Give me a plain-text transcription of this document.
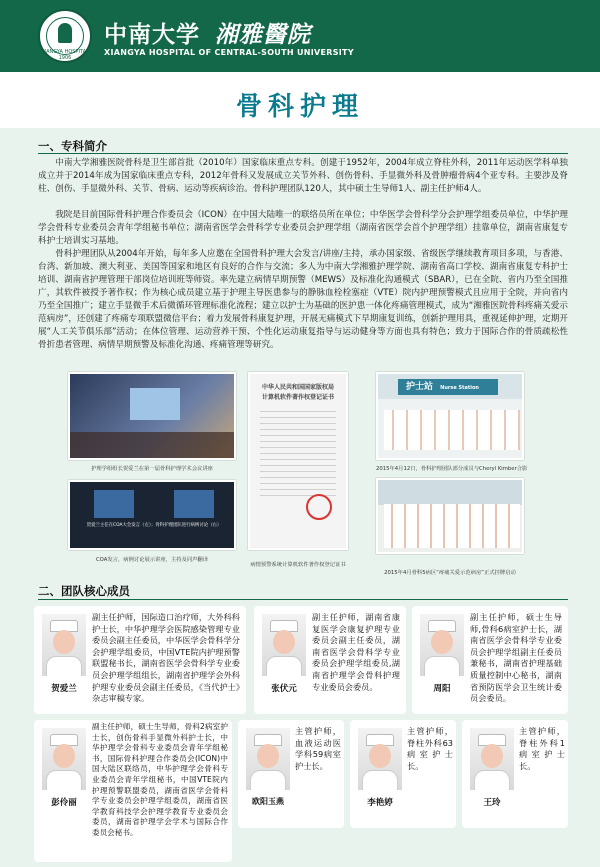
XIANGYA HOSPITAL 1906
中南大学 湘雅醫院
XIANGYA HOSPITAL OF CENTRAL-SOUTH UNIVERSITY
骨科护理
一、专科简介
中南大学湘雅医院骨科是卫生部首批（2010年）国家临床重点专科。创建于1952年，2004年成立脊柱外科，2011年运动医学科单独成立并于2014年成为国家临床重点专科，2012年骨科又发展成立关节外科、创伤骨科、手显微外科及骨肿瘤骨病4个亚专科。主要涉及脊柱、创伤、手显微外科、关节、骨病、运动等疾病诊治。骨科护理团队120人，其中硕士生导师1人、副主任护师4人。
我院是目前国际骨科护理合作委员会（ICON）在中国大陆唯一的联络员所在单位；中华医学会骨科学分会护理学组委员单位，中华护理学会骨科专业委员会青年学组秘书单位；湖南省医学会骨科学专业委员会护理学组（湖南省医学会首个护理学组）挂靠单位，湖南省康复专科护士培训实习基地。
骨科护理团队从2004年开始，每年多人应邀在全国骨科护理大会发言/讲座/主持，承办国家级、省级医学继续教育项目多项，与香港、台湾、新加坡、澳大利亚、美国等国家和地区有良好的合作与交流；多人为中南大学湘雅护理学院、湖南省高口学校、湖南省康复专科护士培训、湖南省护理管理干部岗位培训班等师资。率先建立病情早期预警（MEWS）及标准化沟通模式（SBAR），已在全院、省内乃至全国推广，其软件被授予著作权；作为核心成员建立基于护理主导医患参与的静脉血栓栓塞症（VTE）院内护理预警模式且应用于全院，并向省内乃至全国推广；建立手显微手术后微循环管理标准化流程；建立以护士为基础的医护患一体化疼痛管理模式，成为“湘雅医院骨科疼痛关爱示范病房”，还创建了疼痛专项联盟微信平台；着力发展骨科康复护理，开展无痛模式下早期康复训练，创新护理用具，重视延伸护理，定期开展“人工关节俱乐部”活动；在体位管理、运动营养干预、个性化运动康复指导与运动健身等方面也具有特色；致力于国际合作的骨质疏松性骨折患者管理、病情早期预警及标准化沟通、疼痛管理等研究。
护理学组组长贺爱兰在第一届骨科护理学术会议讲座
中华人民共和国国家版权局
计算机软件著作权登记证书
病情预警系统计算机软件著作权登记证书
护士站 Nurse Station
2015年4月12日，骨科护理团队部分成员与Cheryl Kimber合影
贺爱兰主任在COA大会发言（左）；骨科护理团队进行病例讨论（右）
COA发言，病例讨论展示讲座，主持及同声翻译
2015年4月骨科5病区“疼痛关爱示范病房”正式挂牌启动
二、团队核心成员
贺爱兰
副主任护师，国际造口治疗师，大外科科护士长，中华护理学会医院感染管理专业委员会副主任委员，中华医学会骨科学分会护理学组委员，中国VTE院内护理预警联盟秘书长，湖南省医学会骨科学专业委员会护理学组组长，湖南省护理学会外科护理专业委员会副主任委员，《当代护士》杂志审稿专家。
张伏元
副主任护师，湖南省康复医学会康复护理专业委员会副主任委员，湖南省医学会骨科学专业委员会护理学组委员,湖南省护理学会骨科护理专业委员会委员。	周阳
副主任护师，硕士生导师,骨科6病室护士长，湖南省医学会骨科学专业委员会护理学组副主任委员兼秘书，湖南省护理基础质量控制中心秘书，湖南省预防医学会卫生统计委员会委员。
彭伶丽
副主任护师，硕士生导师，骨科2病室护士长，创伤骨科手显微外科护士长，中华护理学会骨科专业委员会青年学组秘书，国际骨科护理合作委员会(ICON)中国大陆区联络员，中华护理学会骨科专业委员会青年学组秘书，中国VTE院内护理预警联盟委员，湖南省医学会骨科学专业委员会护理学组委员，湖南省医学教育科技学会护理学教育专业委员会委员，湖南省护理学会学术与国际合作委员会秘书。
欧阳玉燕
主管护师，血液运动医学科59病室护士长。
李艳婷
主管护师，脊柱外科63病室护士长。
王玲
主管护师，脊柱外科1病室护士长。
